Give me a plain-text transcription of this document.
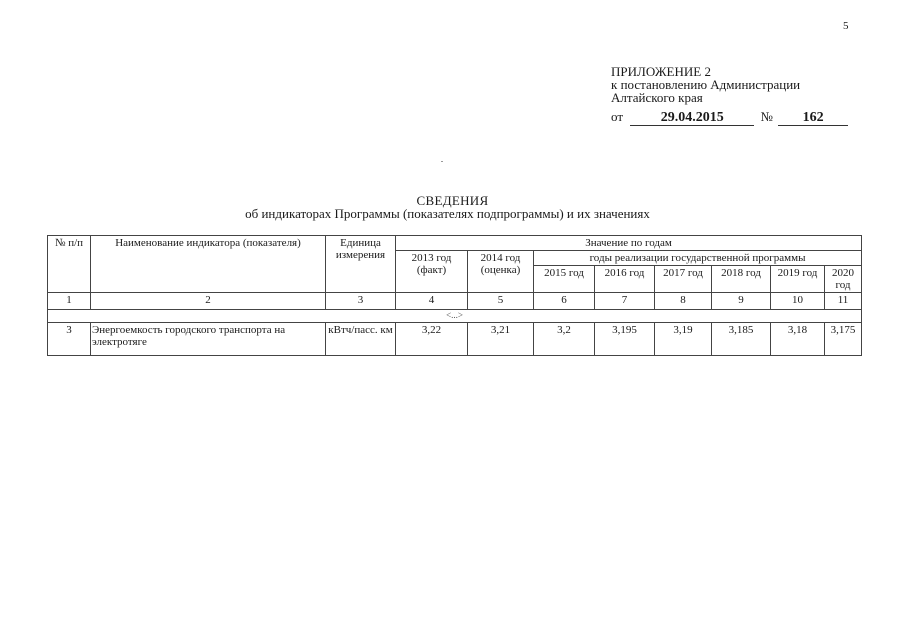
5
ПРИЛОЖЕНИЕ 2
к постановлению Администрации
Алтайского края
от	29.04.2015	№ 162
СВЕДЕНИЯ
об индикаторах Программы (показателях подпрограммы) и их значениях
№ п/п	Наименование индикатора (показателя)	Единица измерения	Значение по годам							
			2013 год (факт)	2014 год (оценка)	годы реализации государственной программы					
					2015 год	2016 год	2017 год	2018 год	2019 год	2020 год
1	2	3	4	5	6	7	8	9	10	11
<...>										
3	Энергоемкость городского транспорта на электротяге	кВтч/пасс. км	3,22	3,21	3,2	3,195	3,19	3,185	3,18	3,175
